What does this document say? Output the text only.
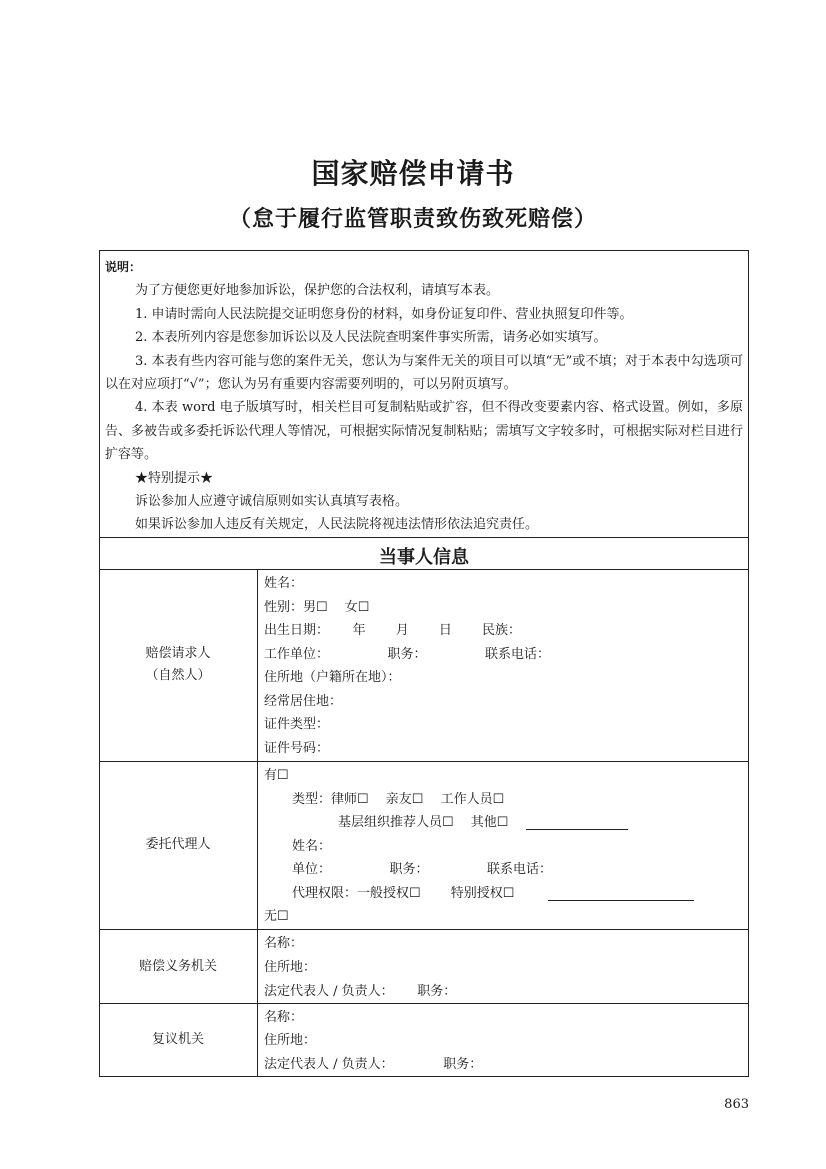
国家赔偿申请书
（怠于履行监管职责致伤致死赔偿）

说明：

为了方便您更好地参加诉讼，保护您的合法权利，请填写本表。

1. 申请时需向人民法院提交证明您身份的材料，如身份证复印件、营业执照复印件等。

2. 本表所列内容是您参加诉讼以及人民法院查明案件事实所需，请务必如实填写。

3. 本表有些内容可能与您的案件无关，您认为与案件无关的项目可以填“无”或不填；对于本表中勾选项可以在对应项打“√”；您认为另有重要内容需要列明的，可以另附页填写。

4. 本表 word 电子版填写时，相关栏目可复制粘贴或扩容，但不得改变要素内容、格式设置。例如，多原告、多被告或多委托诉讼代理人等情况，可根据实际情况复制粘贴；需填写文字较多时，可根据实际对栏目进行扩容等。

★特别提示★

诉讼参加人应遵守诚信原则如实认真填写表格。

如果诉讼参加人违反有关规定，人民法院将视违法情形依法追究责任。

当事人信息
赔偿请求人
（自然人）
姓名：
性别：男☐　 女☐
出生日期：　　 年　　 月　　 日　　 民族：
工作单位：　　　　　职务：　　　　　联系电话：
住所地（户籍所在地）：
经常居住地：
证件类型：
证件号码：
委托代理人
有☐
类型：律师☐　 亲友☐　 工作人员☐
基层组织推荐人员☐　 其他☐
姓名：
单位：　　　　　职务：　　　　　联系电话：
代理权限：一般授权☐　　 特别授权☐
无☐
赔偿义务机关
名称：
住所地：
法定代表人 / 负责人：　　 职务：
复议机关
名称：
住所地：
法定代表人 / 负责人：　　　　 职务：
863
